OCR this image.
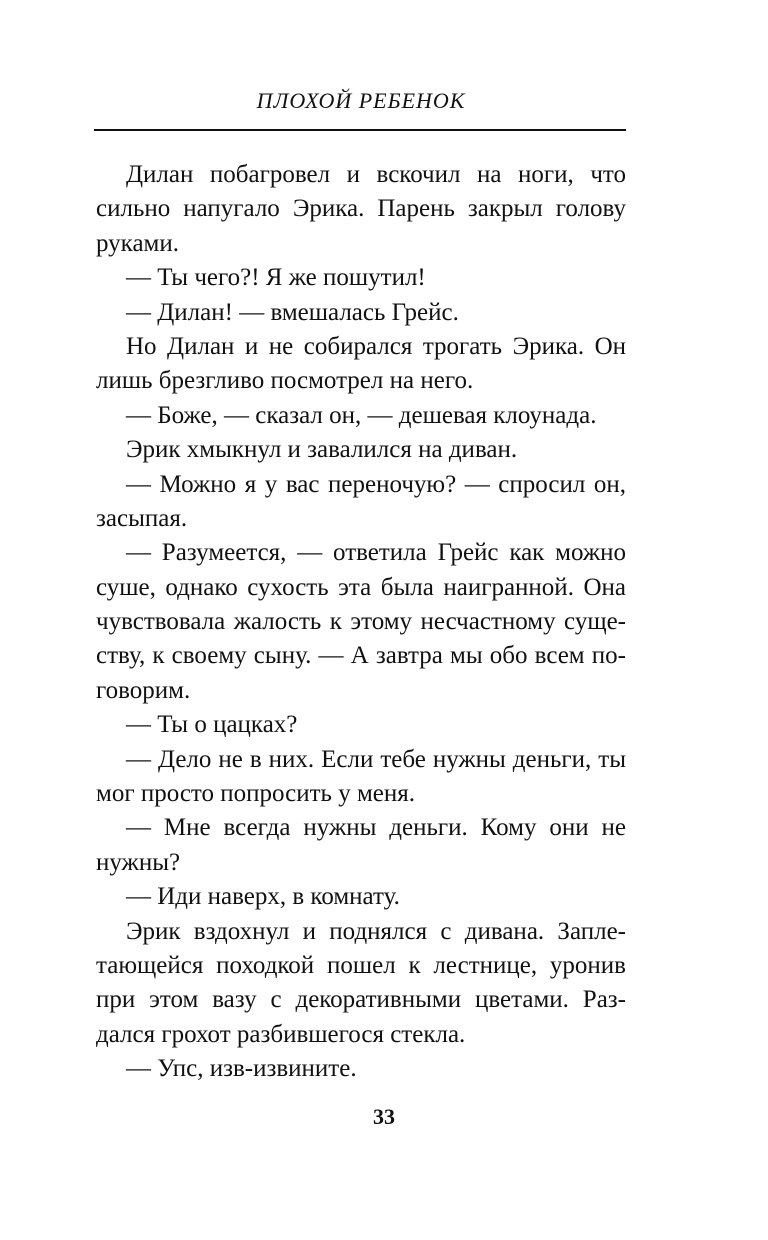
ПЛОХОЙ РЕБЕНОК
Дилан побагровел и вскочил на ноги, что
сильно напугало Эрика. Парень закрыл голову
руками.
— Ты чего?! Я же пошутил!
— Дилан! — вмешалась Грейс.
Но Дилан и не собирался трогать Эрика. Он
лишь брезгливо посмотрел на него.
— Боже, — сказал он, — дешевая клоунада.
Эрик хмыкнул и завалился на диван.
— Можно я у вас переночую? — спросил он,
засыпая.
— Разумеется, — ответила Грейс как можно
суше, однако сухость эта была наигранной. Она
чувствовала жалость к этому несчастному суще-
ству, к своему сыну. — А завтра мы обо всем по-
говорим.
— Ты о цацках?
— Дело не в них. Если тебе нужны деньги, ты
мог просто попросить у меня.
— Мне всегда нужны деньги. Кому они не
нужны?
— Иди наверх, в комнату.
Эрик вздохнул и поднялся с дивана. Запле-
тающейся походкой пошел к лестнице, уронив
при этом вазу с декоративными цветами. Раз-
дался грохот разбившегося стекла.
— Упс, изв-извините.
33
